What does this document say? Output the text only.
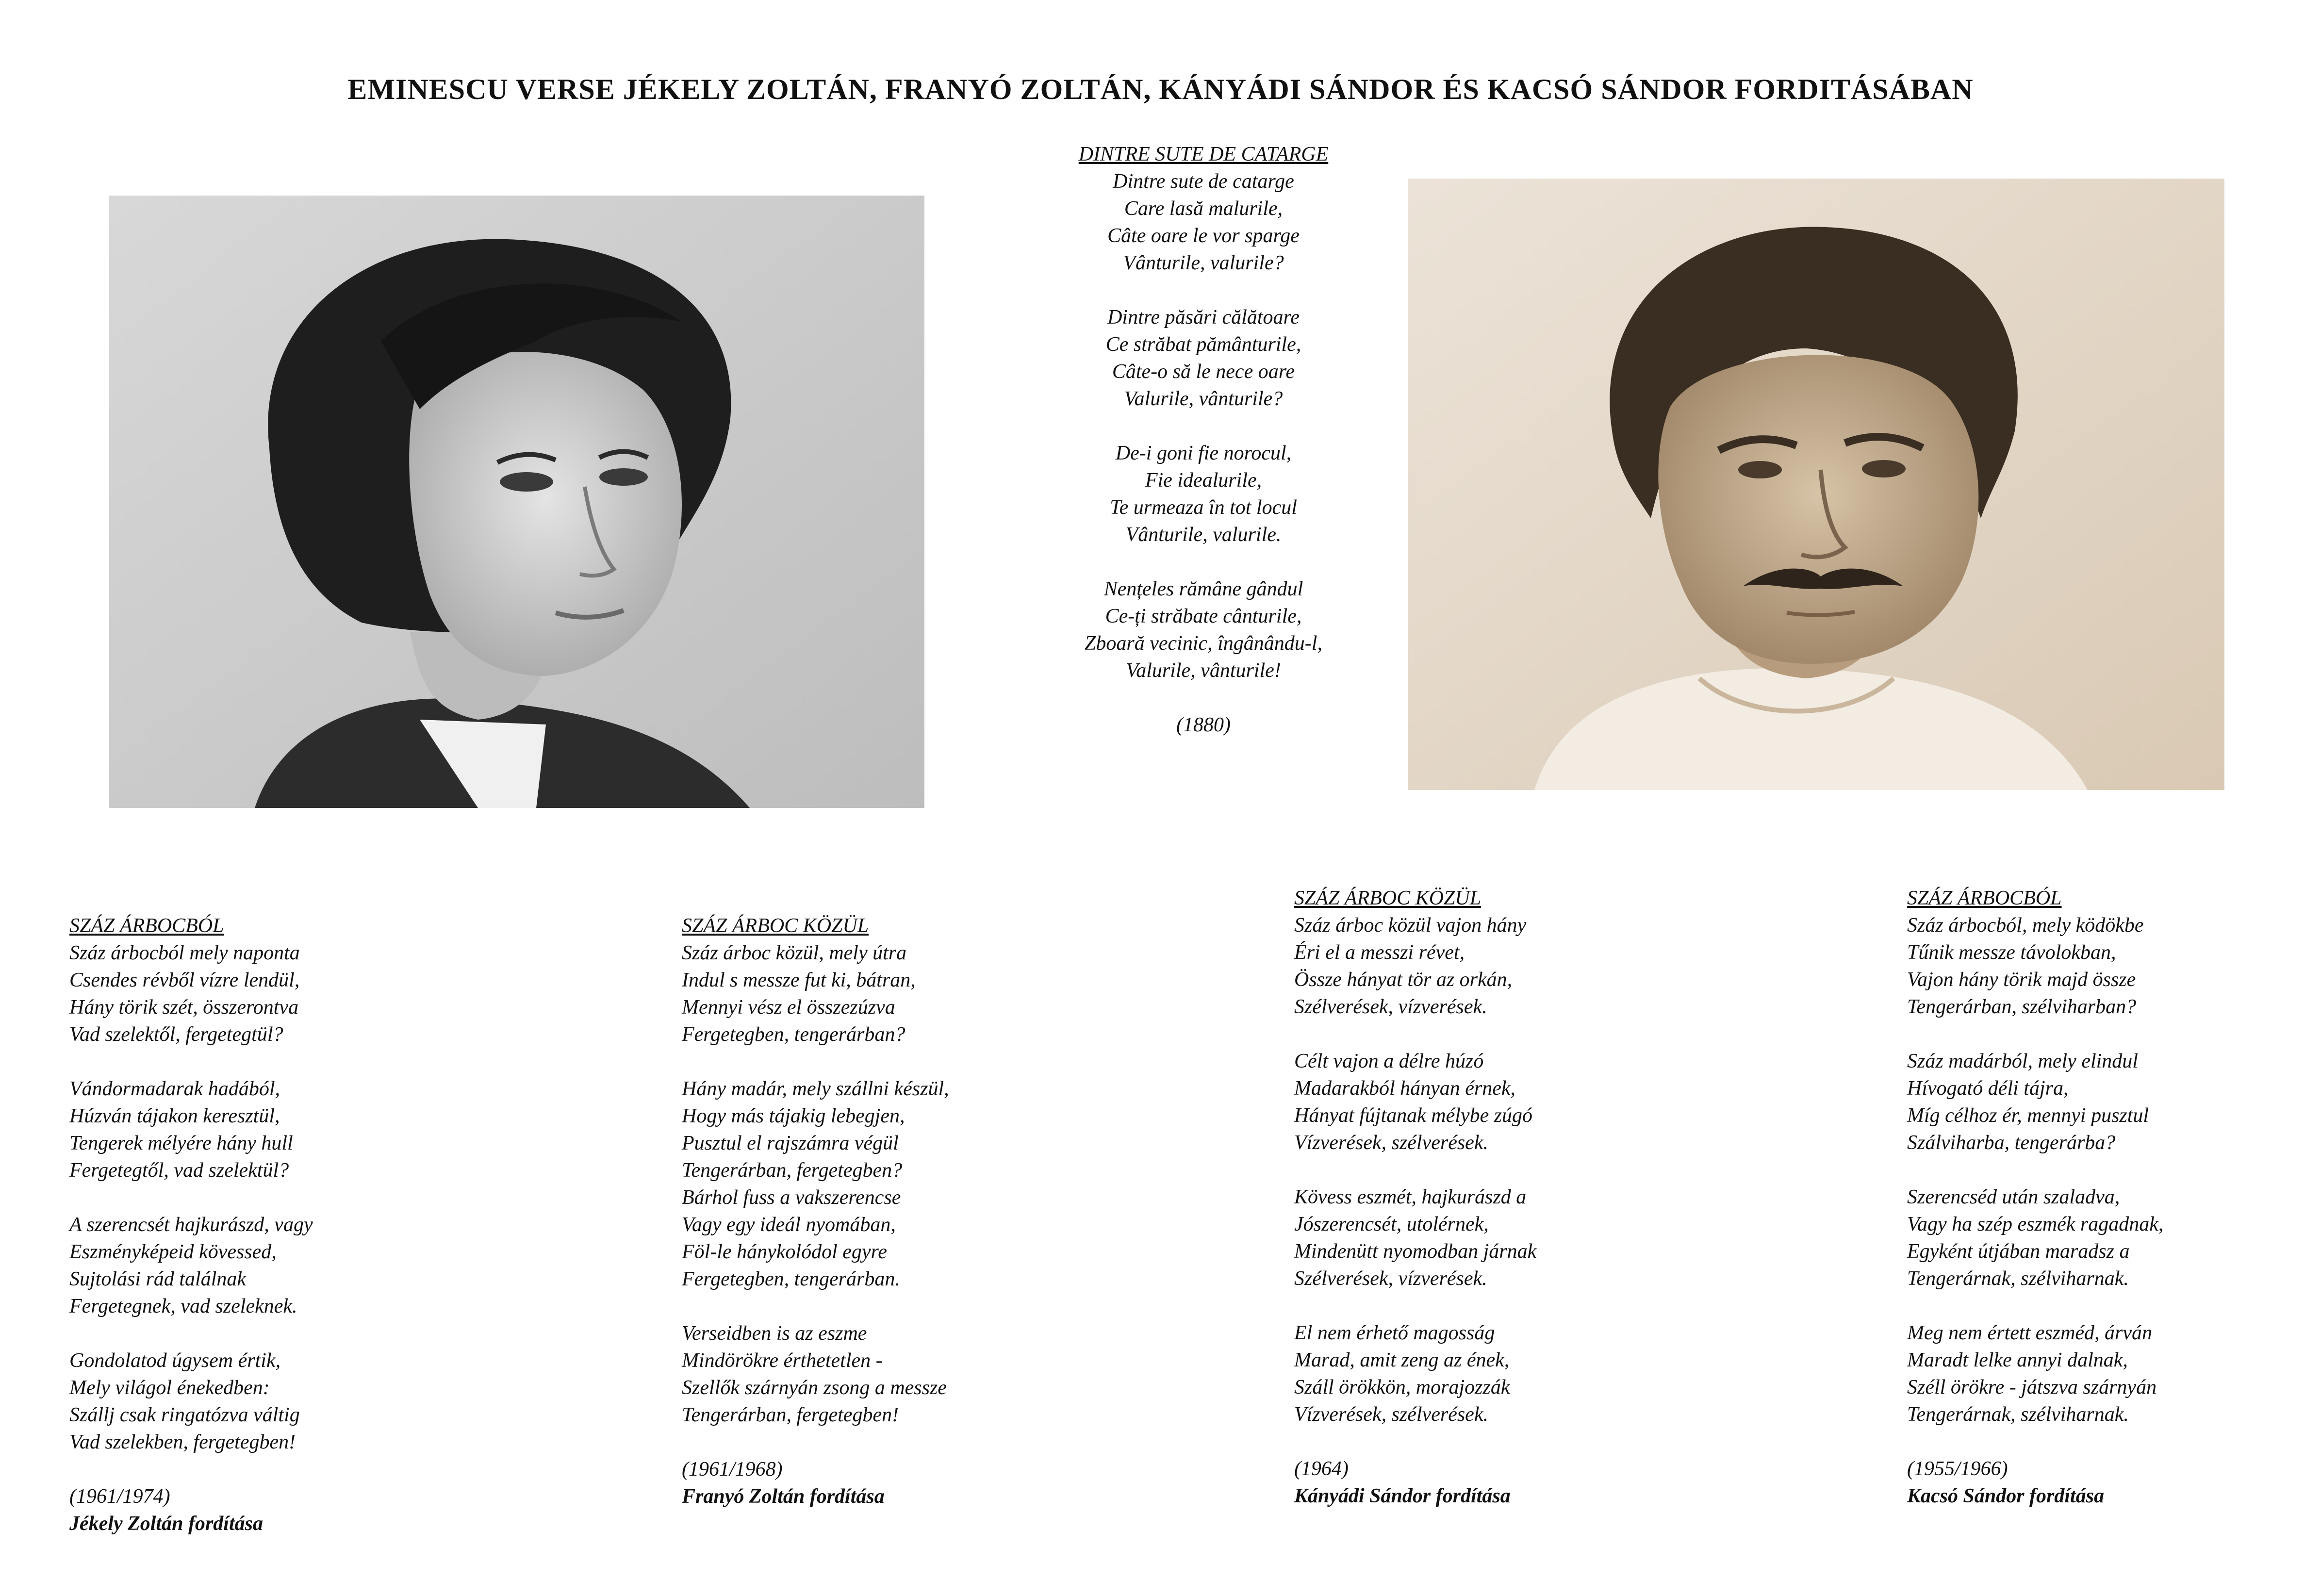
EMINESCU VERSE JÉKELY ZOLTÁN, FRANYÓ ZOLTÁN, KÁNYÁDI SÁNDOR ÉS KACSÓ SÁNDOR FORDITÁSÁBAN
DINTRE SUTE DE CATARGE
Dintre sute de catarge
Care lasă malurile,
Câte oare le vor sparge
Vânturile, valurile?
Dintre păsări călătoare
Ce străbat pământurile,
Câte-o să le nece oare
Valurile, vânturile?
De-i goni fie norocul,
Fie idealurile,
Te urmeaza în tot locul
Vânturile, valurile.
Nențeles rămâne gândul
Ce-ți străbate cânturile,
Zboară vecinic, îngânându-l,
Valurile, vânturile!
(1880)
SZÁZ ÁRBOCBÓL
Száz árbocból mely naponta
Csendes révből vízre lendül,
Hány törik szét, összerontva
Vad szelektől, fergetegtül?
Vándormadarak hadából,
Húzván tájakon keresztül,
Tengerek mélyére hány hull
Fergetegtől, vad szelektül?
A szerencsét hajkurászd, vagy
Eszményképeid kövessed,
Sujtolási rád találnak
Fergetegnek, vad szeleknek.
Gondolatod úgysem értik,
Mely világol énekedben:
Szállj csak ringatózva váltig
Vad szelekben, fergetegben!
(1961/1974)
Jékely Zoltán fordítása
SZÁZ ÁRBOC KÖZÜL
Száz árboc közül, mely útra
Indul s messze fut ki, bátran,
Mennyi vész el összezúzva
Fergetegben, tengerárban?
Hány madár, mely szállni készül,
Hogy más tájakig lebegjen,
Pusztul el rajszámra végül
Tengerárban, fergetegben?
Bárhol fuss a vakszerencse
Vagy egy ideál nyomában,
Föl-le hánykolódol egyre
Fergetegben, tengerárban.
Verseidben is az eszme
Mindörökre érthetetlen -
Szellők szárnyán zsong a messze
Tengerárban, fergetegben!
(1961/1968)
Franyó Zoltán fordítása
SZÁZ ÁRBOC KÖZÜL
Száz árboc közül vajon hány
Éri el a messzi révet,
Össze hányat tör az orkán,
Szélverések, vízverések.
Célt vajon a délre húzó
Madarakból hányan érnek,
Hányat fújtanak mélybe zúgó
Vízverések, szélverések.
Kövess eszmét, hajkurászd a
Jószerencsét, utolérnek,
Mindenütt nyomodban járnak
Szélverések, vízverések.
El nem érhető magosság
Marad, amit zeng az ének,
Száll örökkön, morajozzák
Vízverések, szélverések.
(1964)
Kányádi Sándor fordítása
SZÁZ ÁRBOCBÓL
Száz árbocból, mely ködökbe
Tűnik messze távolokban,
Vajon hány törik majd össze
Tengerárban, szélviharban?
Száz madárból, mely elindul
Hívogató déli tájra,
Míg célhoz ér, mennyi pusztul
Szálviharba, tengerárba?
Szerencséd után szaladva,
Vagy ha szép eszmék ragadnak,
Egyként útjában maradsz a
Tengerárnak, szélviharnak.
Meg nem értett eszméd, árván
Maradt lelke annyi dalnak,
Széll örökre - játszva szárnyán
Tengerárnak, szélviharnak.
(1955/1966)
Kacsó Sándor fordítása
